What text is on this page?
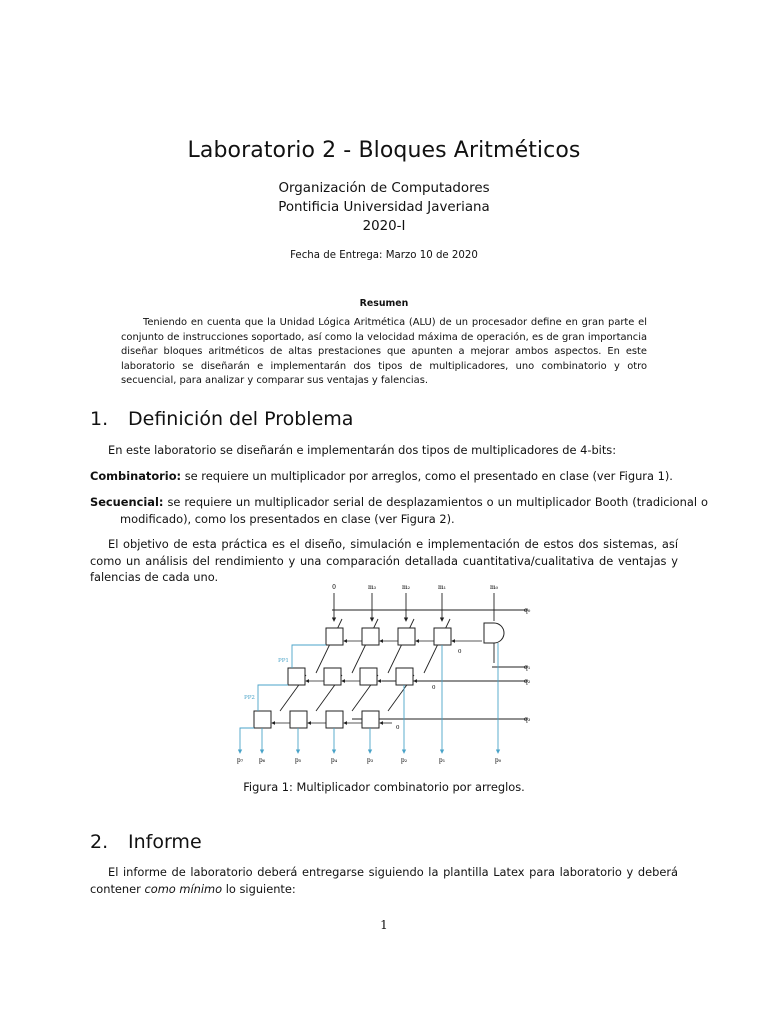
Laboratorio 2 - Bloques Aritméticos
Organización de Computadores
Pontificia Universidad Javeriana
2020-I
Fecha de Entrega: Marzo 10 de 2020
Resumen
Teniendo en cuenta que la Unidad Lógica Aritmética (ALU) de un procesador define en gran parte el conjunto de instrucciones soportado, así como la velocidad máxima de operación, es de gran importancia diseñar bloques aritméticos de altas prestaciones que apunten a mejorar ambos aspectos. En este laboratorio se diseñarán e implementarán dos tipos de multiplicadores, uno combinatorio y otro secuencial, para analizar y comparar sus ventajas y falencias.
1. Definición del Problema
En este laboratorio se diseñarán e implementarán dos tipos de multiplicadores de 4-bits:
Combinatorio: se requiere un multiplicador por arreglos, como el presentado en clase (ver Figura 1).
Secuencial: se requiere un multiplicador serial de desplazamientos o un multiplicador Booth (tradicional o modificado), como los presentados en clase (ver Figura 2).
El objetivo de esta práctica es el diseño, simulación e implementación de estos dos sistemas, así como un análisis del rendimiento y una comparación detallada cuantitativa/cualitativa de ventajas y falencias de cada uno.
0	m₃	m₂	m₁	m₀
0
0
0
q₀
q₁
q₂
q₃
PP1
PP2
p₇	p₆	p₅	p₄	p₃	p₂	p₁	p₀
Figura 1: Multiplicador combinatorio por arreglos.
2. Informe
El informe de laboratorio deberá entregarse siguiendo la plantilla Latex para laboratorio y deberá contener como mínimo lo siguiente:
1
